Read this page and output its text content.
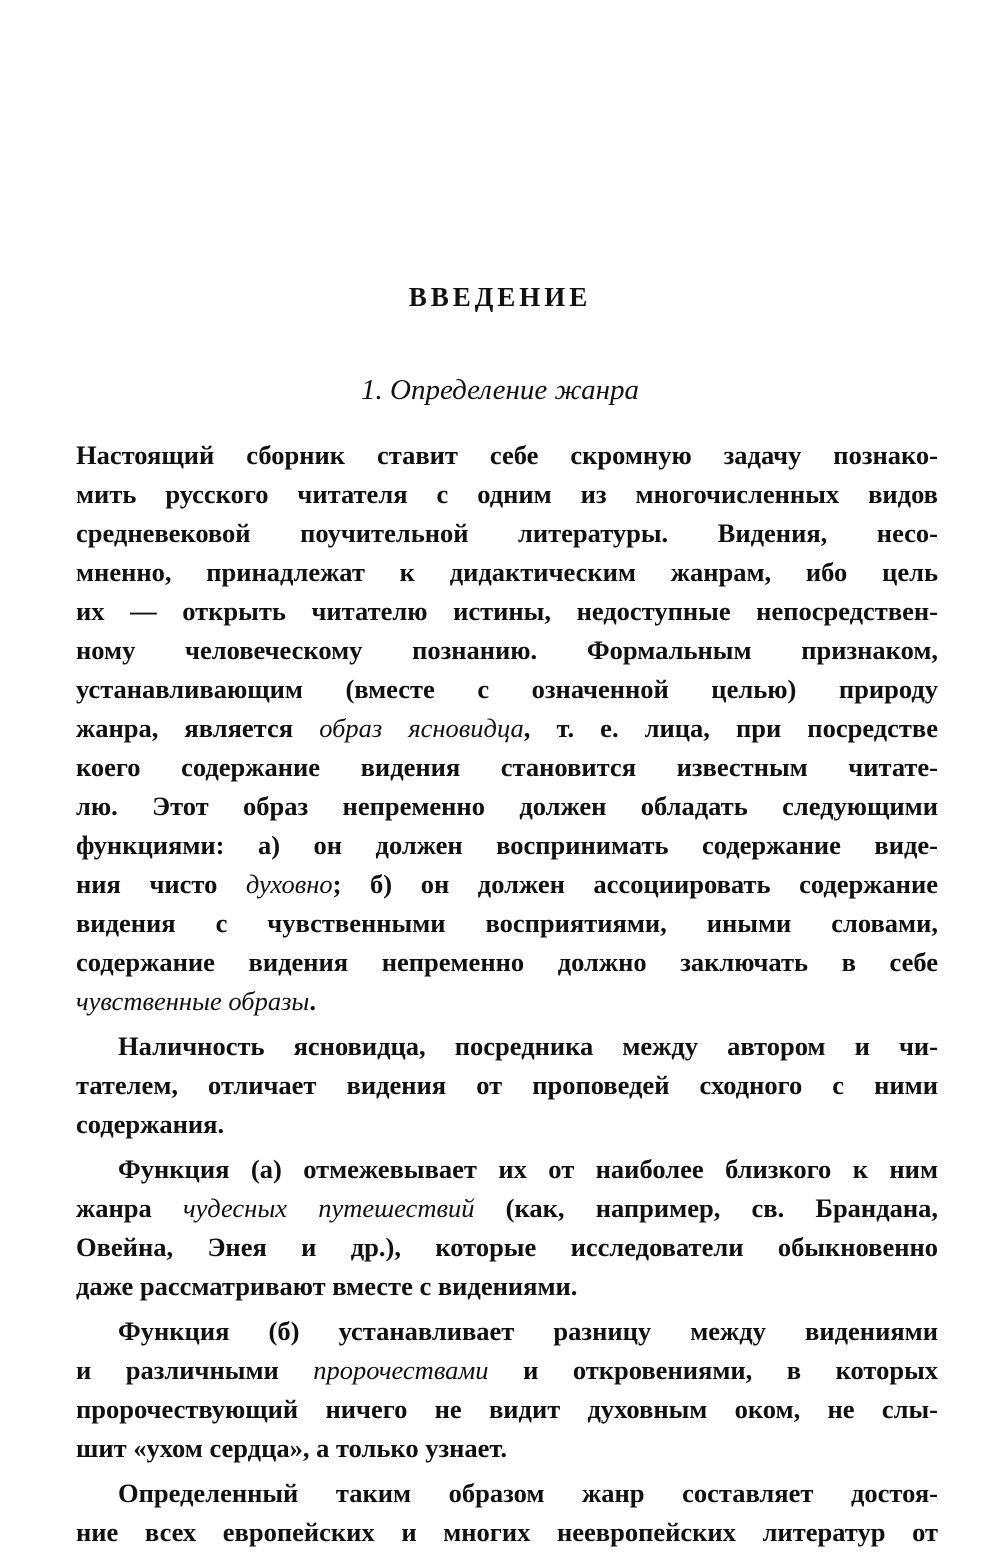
ВВЕДЕНИЕ
1. Определение жанра
Настоящий сборник ставит себе скромную задачу познако-
мить русского читателя с одним из многочисленных видов
средневековой поучительной литературы. Видения, несо-
мненно, принадлежат к дидактическим жанрам, ибо цель
их — открыть читателю истины, недоступные непосредствен-
ному человеческому познанию. Формальным признаком,
устанавливающим (вместе с означенной целью) природу
жанра, является образ ясновидца, т. е. лица, при посредстве
коего содержание видения становится известным читате-
лю. Этот образ непременно должен обладать следующими
функциями: а) он должен воспринимать содержание виде-
ния чисто духовно; б) он должен ассоциировать содержание
видения с чувственными восприятиями, иными словами,
содержание видения непременно должно заключать в себе
чувственные образы.
Наличность ясновидца, посредника между автором и чи-
тателем, отличает видения от проповедей сходного с ними
содержания.
Функция (а) отмежевывает их от наиболее близкого к ним
жанра чудесных путешествий (как, например, св. Брандана,
Овейна, Энея и др.), которые исследователи обыкновенно
даже рассматривают вместе с видениями.
Функция (б) устанавливает разницу между видениями
и различными пророчествами и откровениями, в которых
пророчествующий ничего не видит духовным оком, не слы-
шит «ухом сердца», а только узнает.
Определенный таким образом жанр составляет достоя-
ние всех европейских и многих неевропейских литератур от
